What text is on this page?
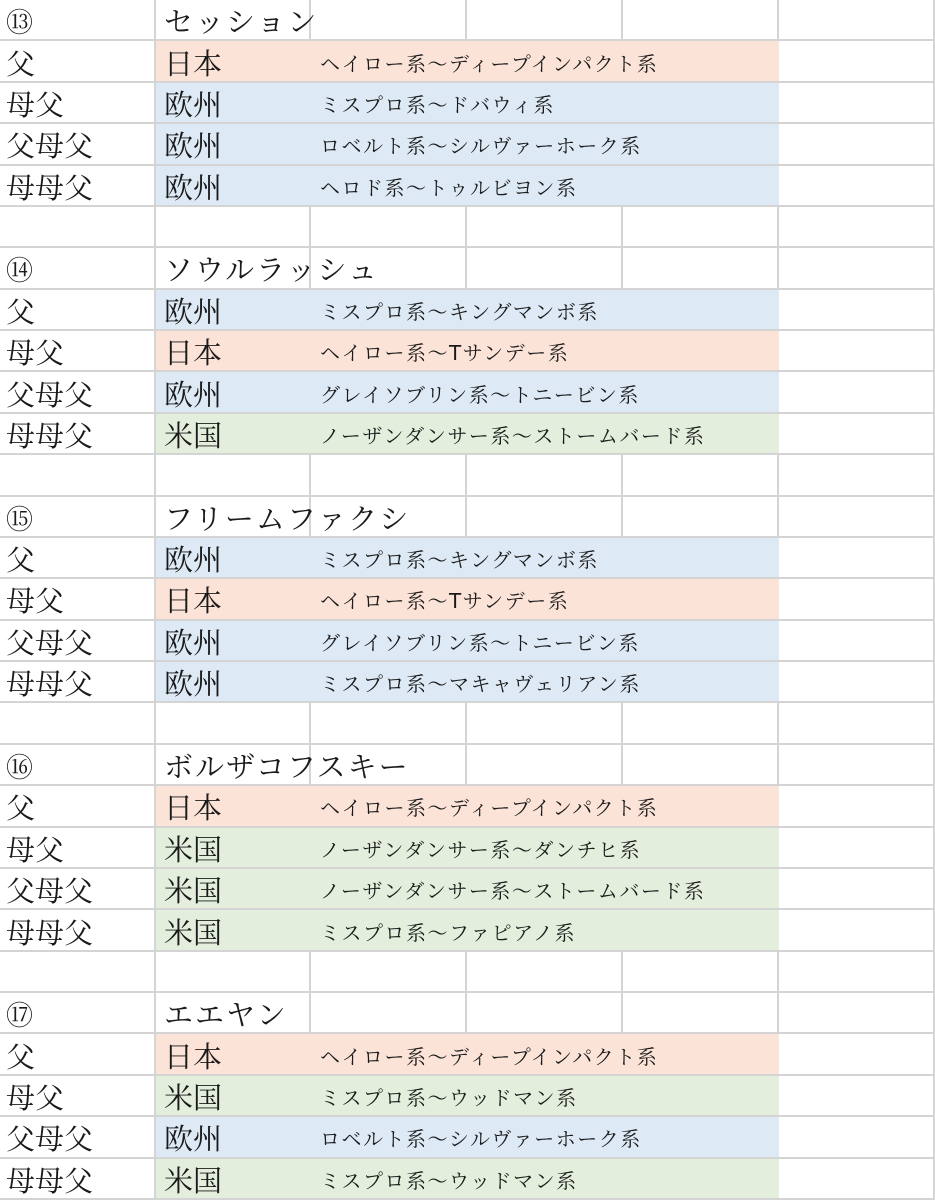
⑬	セッション
父	日本	ヘイロー系〜ディープインパクト系
母父	欧州	ミスプロ系〜ドバウィ系
父母父 欧州	ロベルト系〜シルヴァーホーク系
母母父 欧州	ヘロド系〜トゥルビヨン系
⑭	ソウルラッシュ
父	欧州	ミスプロ系〜キングマンボ系
母父	日本	ヘイロー系〜Tサンデー系
父母父 欧州	グレイソブリン系〜トニービン系
母母父 米国	ノーザンダンサー系〜ストームバード系
⑮	フリームファクシ
父	欧州	ミスプロ系〜キングマンボ系
母父	日本	ヘイロー系〜Tサンデー系
父母父 欧州	グレイソブリン系〜トニービン系
母母父 欧州	ミスプロ系〜マキャヴェリアン系
⑯	ボルザコフスキー
父	日本	ヘイロー系〜ディープインパクト系
母父	米国	ノーザンダンサー系〜ダンチヒ系
父母父 米国	ノーザンダンサー系〜ストームバード系
母母父 米国	ミスプロ系〜ファピアノ系
⑰	エエヤン
父	日本	ヘイロー系〜ディープインパクト系
母父	米国	ミスプロ系〜ウッドマン系
父母父 欧州	ロベルト系〜シルヴァーホーク系
母母父 米国	ミスプロ系〜ウッドマン系
